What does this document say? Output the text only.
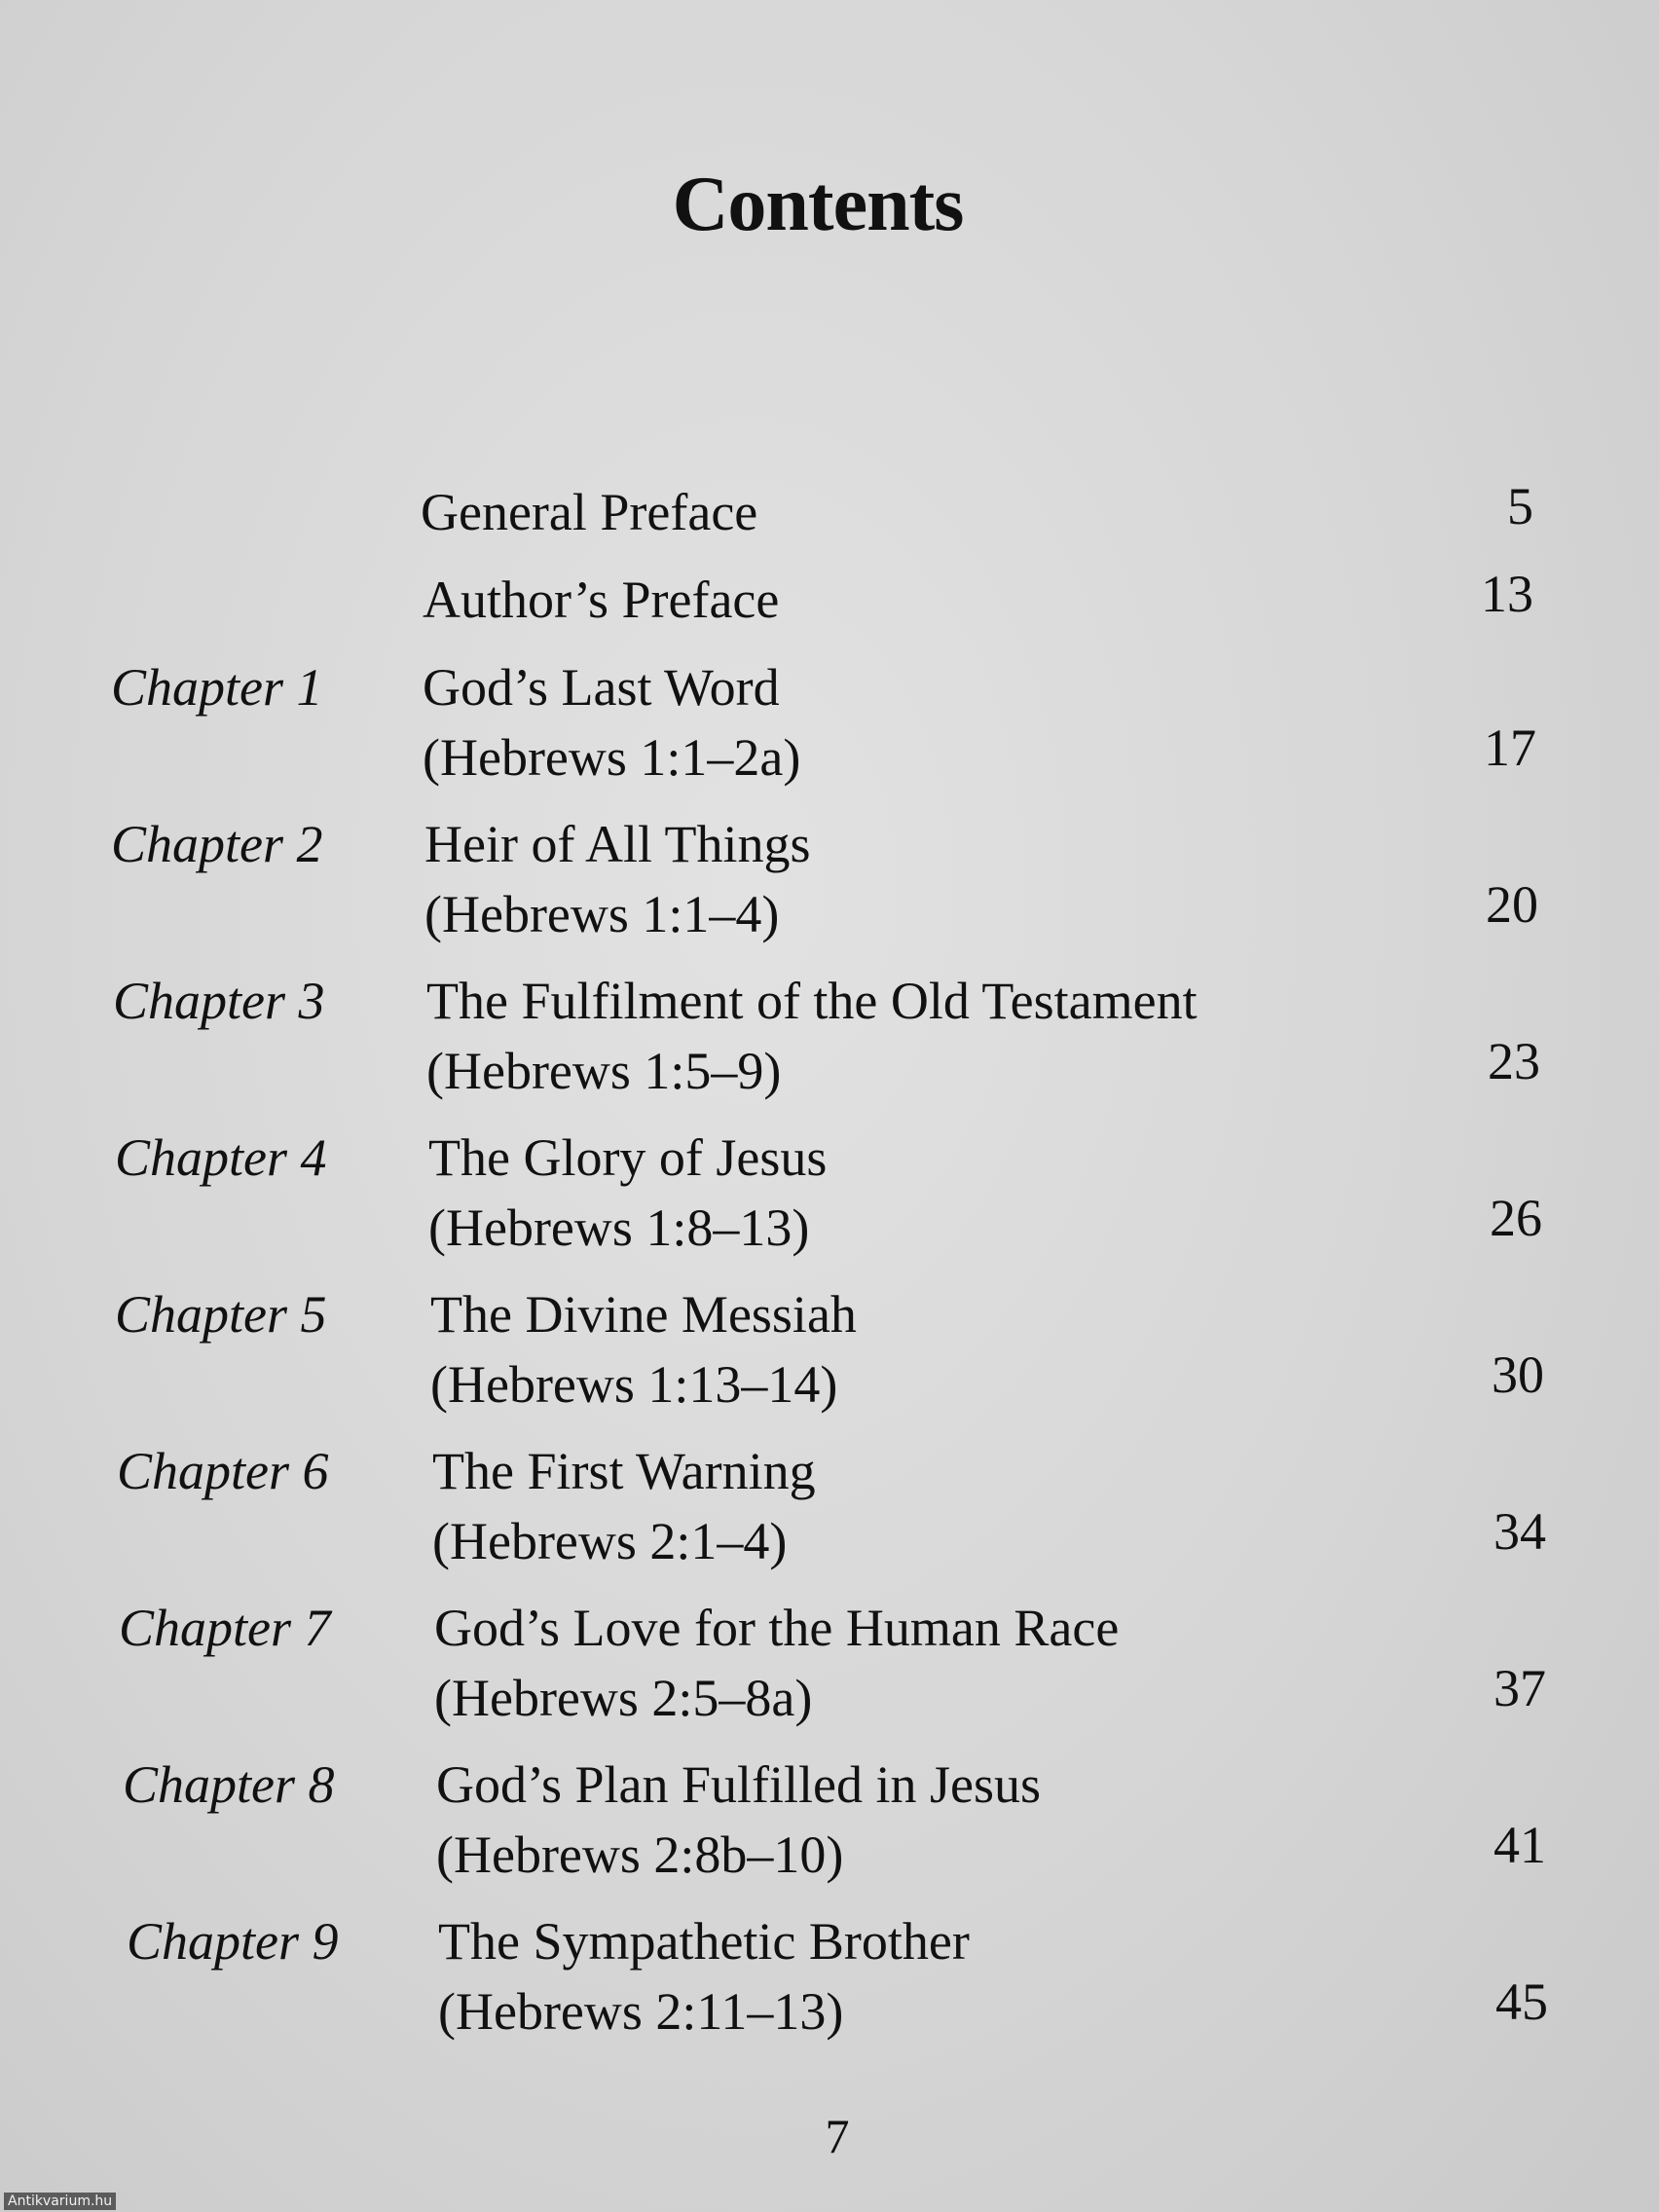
Contents
General Preface	5
Author’s Preface	13
Chapter 1 God’s Last Word
(Hebrews 1:1–2a)	17
Chapter 2 Heir of All Things
(Hebrews 1:1–4)	20
Chapter 3 The Fulfilment of the Old Testament
(Hebrews 1:5–9)	23
Chapter 4 The Glory of Jesus
(Hebrews 1:8–13)	26
Chapter 5 The Divine Messiah
(Hebrews 1:13–14)	30
Chapter 6 The First Warning
(Hebrews 2:1–4)	34
Chapter 7 God’s Love for the Human Race
(Hebrews 2:5–8a)	37
Chapter 8 God’s Plan Fulfilled in Jesus
(Hebrews 2:8b–10)	41
Chapter 9 The Sympathetic Brother
(Hebrews 2:11–13)	45
7
Antikvarium.hu
